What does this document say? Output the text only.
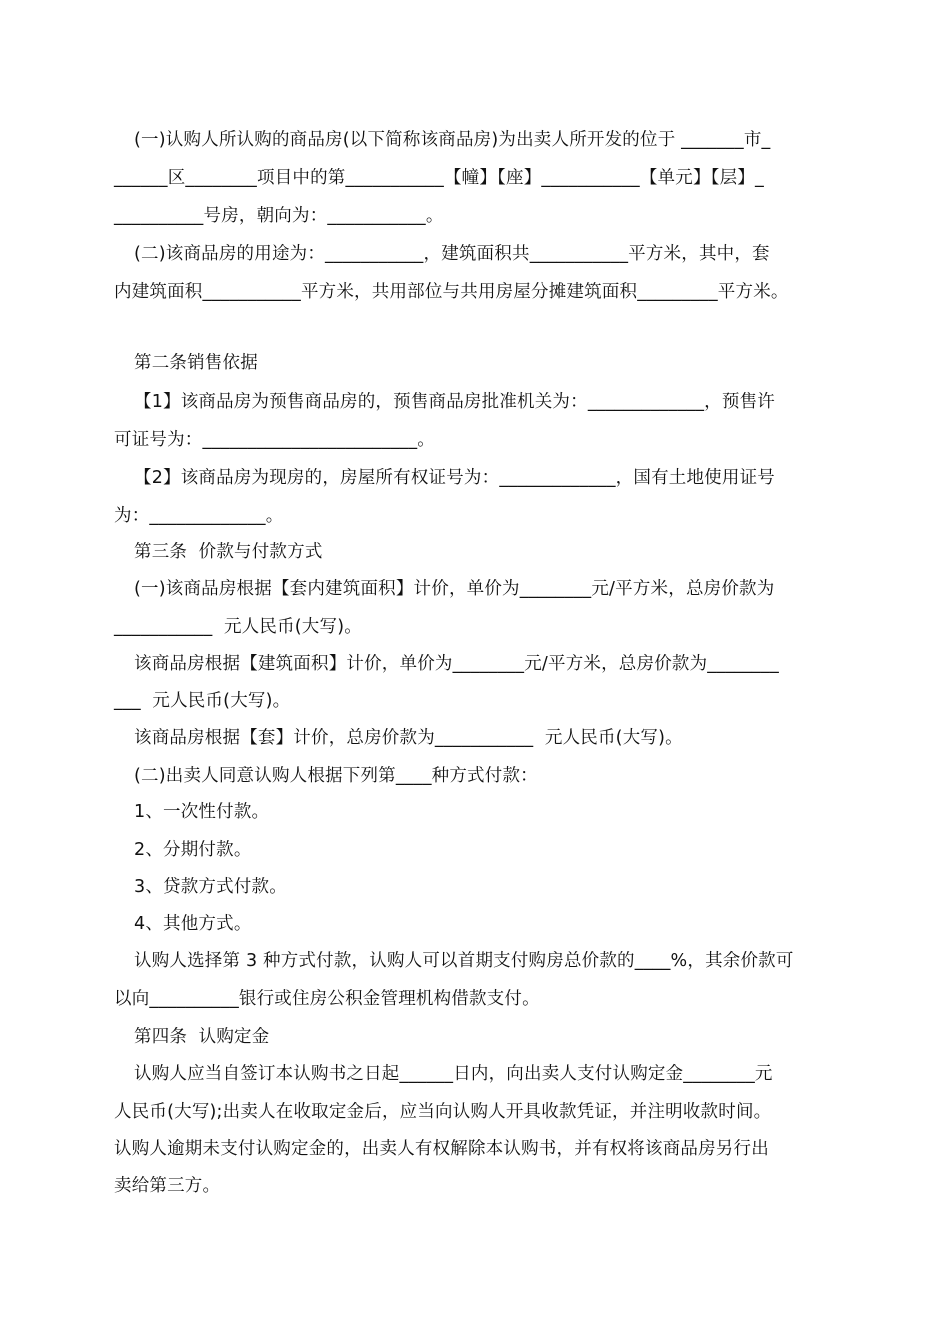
(一)认购人所认购的商品房(以下简称该商品房)为出卖人所开发的位于 _______市_
______区________项目中的第___________【幢】【座】___________【单元】【层】_
__________号房，朝向为：___________。
(二)该商品房的用途为：___________，建筑面积共___________平方米，其中，套
内建筑面积___________平方米，共用部位与共用房屋分摊建筑面积_________平方米。
第二条销售依据
【1】该商品房为预售商品房的，预售商品房批准机关为：_____________，预售许
可证号为：________________________。
【2】该商品房为现房的，房屋所有权证号为：_____________，国有土地使用证号
为：_____________。
第三条  价款与付款方式
(一)该商品房根据【套内建筑面积】计价，单价为________元/平方米，总房价款为
___________  元人民币(大写)。
该商品房根据【建筑面积】计价，单价为________元/平方米，总房价款为________
___  元人民币(大写)。
该商品房根据【套】计价，总房价款为___________  元人民币(大写)。
(二)出卖人同意认购人根据下列第____种方式付款：
1、一次性付款。
2、分期付款。
3、贷款方式付款。
4、其他方式。
认购人选择第 3 种方式付款，认购人可以首期支付购房总价款的____%，其余价款可
以向__________银行或住房公积金管理机构借款支付。
第四条  认购定金
认购人应当自签订本认购书之日起______日内，向出卖人支付认购定金________元
人民币(大写);出卖人在收取定金后，应当向认购人开具收款凭证，并注明收款时间。
认购人逾期未支付认购定金的，出卖人有权解除本认购书，并有权将该商品房另行出
卖给第三方。
